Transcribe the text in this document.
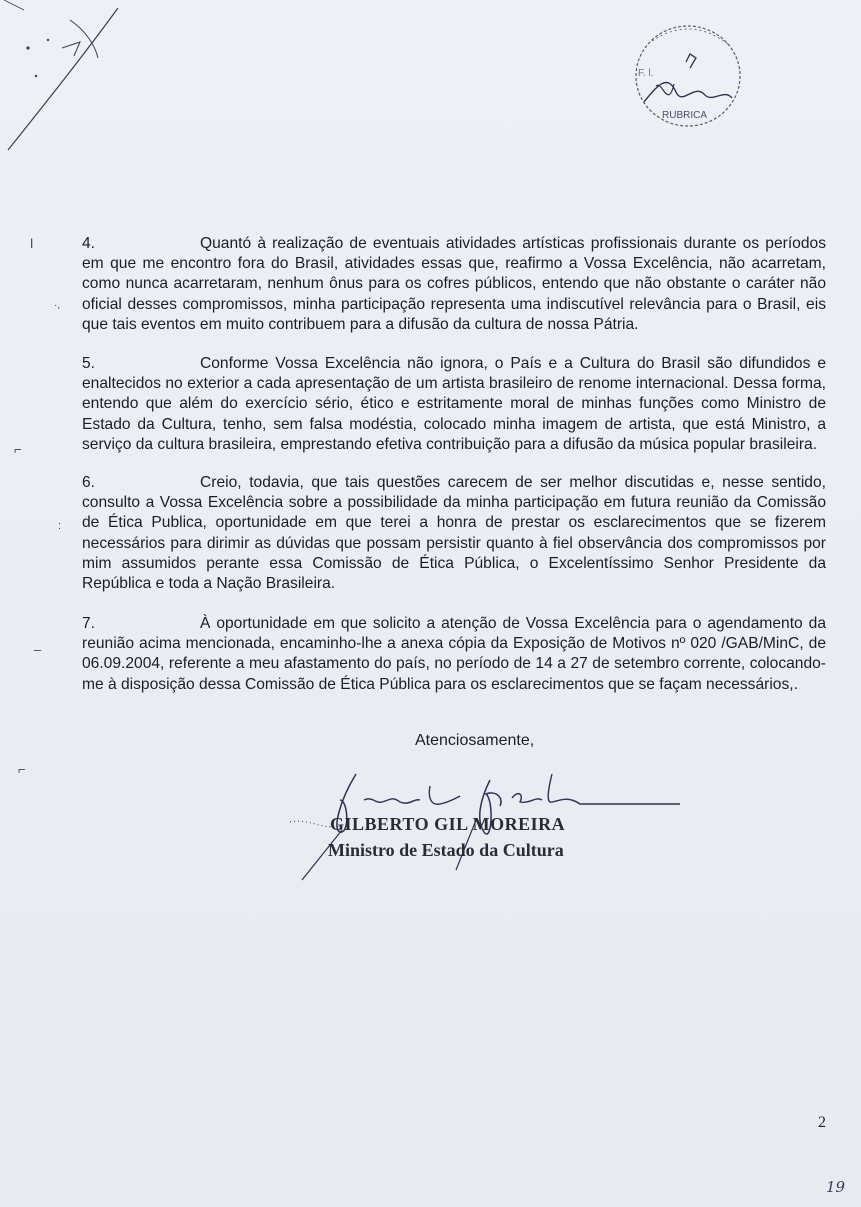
F. l.
RUBRICA
ǀ
·,
⌐
:
–
⌐

4.	Quantó à realização de eventuais atividades artísticas profissionais durante os períodos em que me encontro fora do Brasil, atividades essas que, reafirmo a Vossa Excelência, não acarretam, como nunca acarretaram, nenhum ônus para os cofres públicos, entendo que não obstante o caráter não oficial desses compromissos, minha participação representa uma indiscutível relevância para o Brasil, eis que tais eventos em muito contribuem para a difusão da cultura de nossa Pátria.

5.	Conforme Vossa Excelência não ignora, o País e a Cultura do Brasil são difundidos e enaltecidos no exterior a cada apresentação de um artista brasileiro de renome internacional. Dessa forma, entendo que além do exercício sério, ético e estritamente moral de minhas funções como Ministro de Estado da Cultura, tenho, sem falsa modéstia, colocado minha imagem de artista, que está Ministro, a serviço da cultura brasileira, emprestando efetiva contribuição para a difusão da música popular brasileira.

6.	Creio, todavia, que tais questões carecem de ser melhor discutidas e, nesse sentido, consulto a Vossa Excelência sobre a possibilidade da minha participação em futura reunião da Comissão de Ética Publica, oportunidade em que terei a honra de prestar os esclarecimentos que se fizerem necessários para dirimir as dúvidas que possam persistir quanto à fiel observância dos compromissos por mim assumidos perante essa Comissão de Ética Pública, o Excelentíssimo Senhor Presidente da República e toda a Nação Brasileira.

7.	À oportunidade em que solicito a atenção de Vossa Excelência para o agendamento da reunião acima mencionada, encaminho-lhe a anexa cópia da Exposição de Motivos nº 020 /GAB/MinC, de 06.09.2004, referente a meu afastamento do país, no período de 14 a 27 de setembro corrente, colocando-me à disposição dessa Comissão de Ética Pública para os esclarecimentos que se façam necessários,.

Atenciosamente,
GILBERTO GIL MOREIRA
Ministro de Estado da Cultura
2
19
